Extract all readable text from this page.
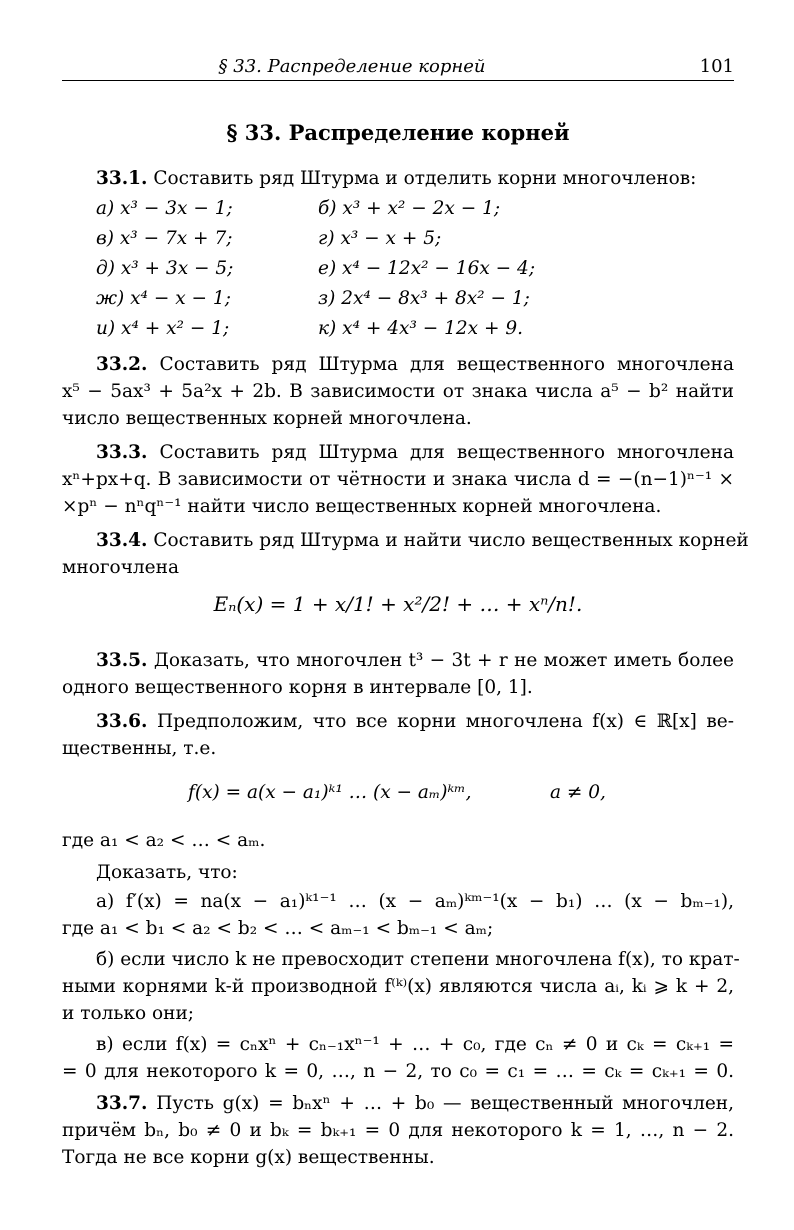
§ 33. Распределение корней	101
§ 33. Распределение корней
33.1. Составить ряд Штурма и отделить корни многочленов:
а) x³ − 3x − 1;	б) x³ + x² − 2x − 1;
в) x³ − 7x + 7;	г) x³ − x + 5;
д) x³ + 3x − 5;	е) x⁴ − 12x² − 16x − 4;
ж) x⁴ − x − 1;	з) 2x⁴ − 8x³ + 8x² − 1;
и) x⁴ + x² − 1;	к) x⁴ + 4x³ − 12x + 9.
33.2. Составить ряд Штурма для вещественного многочлена
x⁵ − 5ax³ + 5a²x + 2b. В зависимости от знака числа a⁵ − b² найти
число вещественных корней многочлена.
33.3. Составить ряд Штурма для вещественного многочлена
xⁿ+px+q. В зависимости от чётности и знака числа d = −(n−1)ⁿ⁻¹ ×
×pⁿ − nⁿqⁿ⁻¹ найти число вещественных корней многочлена.
33.4. Составить ряд Штурма и найти число вещественных корней
многочлена
Eₙ(x) = 1 + x/1! + x²/2! + … + xⁿ/n!.
33.5. Доказать, что многочлен t³ − 3t + r не может иметь более
одного вещественного корня в интервале [0, 1].
33.6. Предположим, что все корни многочлена f(x) ∈ ℝ[x] ве-
щественны, т.е.
f(x) = a(x − a₁)ᵏ¹ … (x − aₘ)ᵏᵐ,	a ≠ 0,
где a₁ < a₂ < … < aₘ.
Доказать, что:
а) f′(x) = na(x − a₁)ᵏ¹⁻¹ … (x − aₘ)ᵏᵐ⁻¹(x − b₁) … (x − bₘ₋₁),
где a₁ < b₁ < a₂ < b₂ < … < aₘ₋₁ < bₘ₋₁ < aₘ;
б) если число k не превосходит степени многочлена f(x), то крат-
ными корнями k-й производной f⁽ᵏ⁾(x) являются числа aᵢ, kᵢ ⩾ k + 2,
и только они;
в) если f(x) = cₙxⁿ + cₙ₋₁xⁿ⁻¹ + … + c₀, где cₙ ≠ 0 и cₖ = cₖ₊₁ =
= 0 для некоторого k = 0, …, n − 2, то c₀ = c₁ = … = cₖ = cₖ₊₁ = 0.
33.7. Пусть g(x) = bₙxⁿ + … + b₀ — вещественный многочлен,
причём bₙ, b₀ ≠ 0 и bₖ = bₖ₊₁ = 0 для некоторого k = 1, …, n − 2.
Тогда не все корни g(x) вещественны.
